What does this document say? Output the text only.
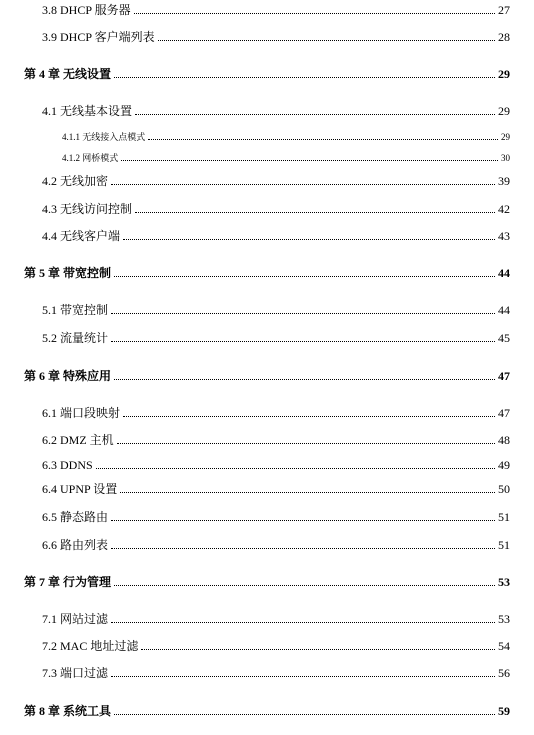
3.8 DHCP 服务器	27
3.9 DHCP 客户端列表	28
第 4 章 无线设置	29
4.1 无线基本设置	29
4.1.1 无线接入点模式	29
4.1.2 网桥模式	30
4.2 无线加密	39
4.3 无线访问控制	42
4.4 无线客户端	43
第 5 章 带宽控制	44
5.1 带宽控制	44
5.2 流量统计	45
第 6 章 特殊应用	47
6.1 端口段映射	47
6.2 DMZ 主机	48
6.3 DDNS	49
6.4 UPNP 设置	50
6.5 静态路由	51
6.6 路由列表	51
第 7 章 行为管理	53
7.1 网站过滤	53
7.2 MAC 地址过滤	54
7.3 端口过滤	56
第 8 章 系统工具	59
